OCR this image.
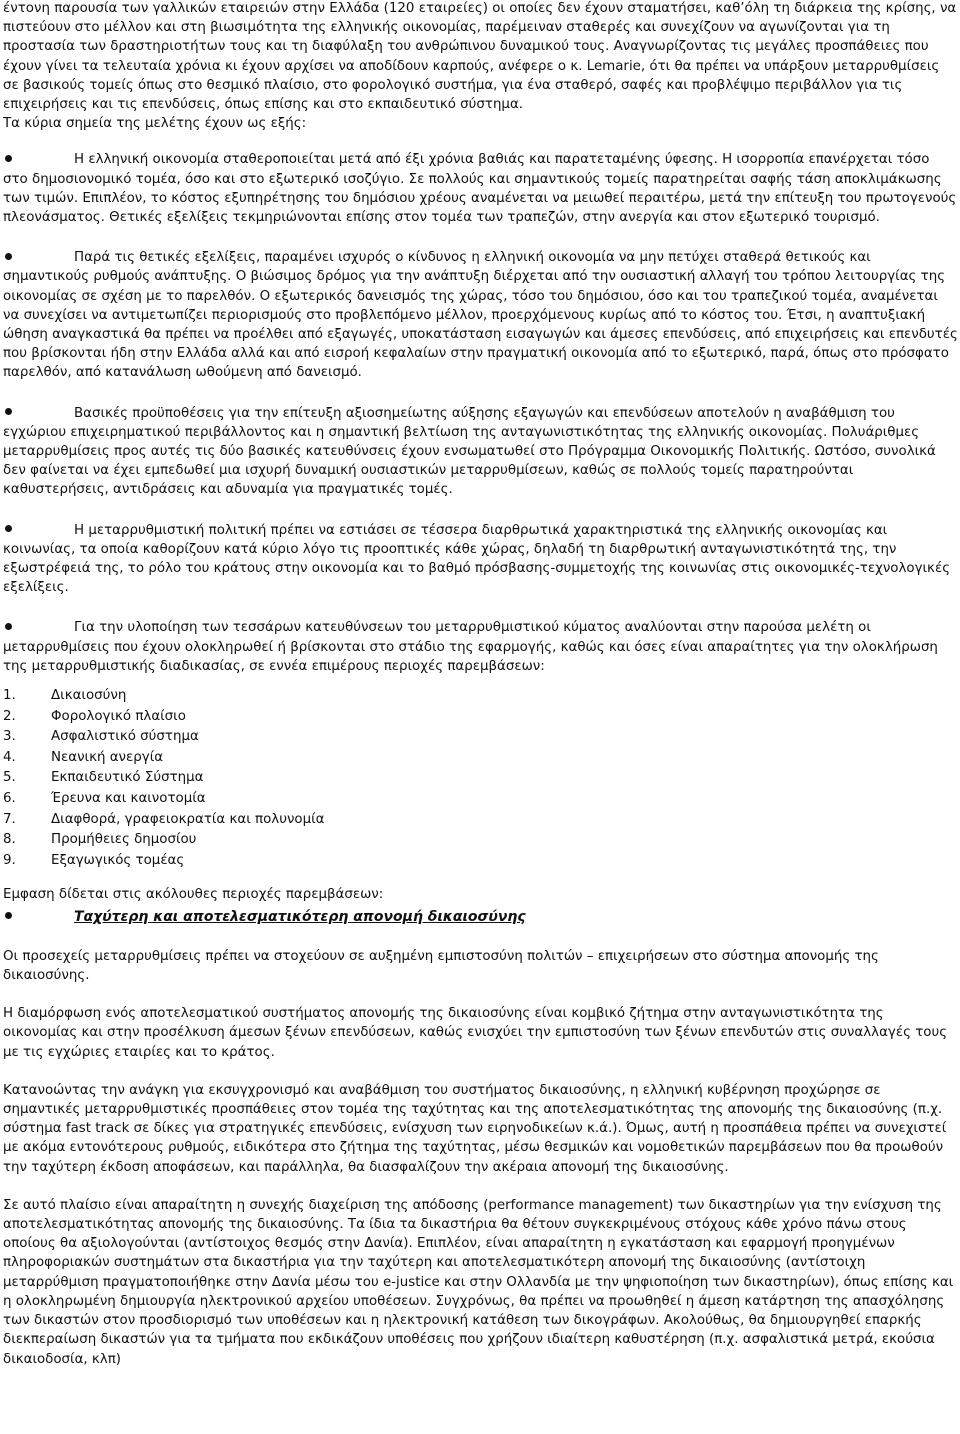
έντονη παρουσία των γαλλικών εταιρειών στην Ελλάδα (120 εταιρείες) οι οποίες δεν έχουν σταματήσει, καθ’όλη τη διάρκεια της κρίσης, να πιστεύουν στο μέλλον και στη βιωσιμότητα της ελληνικής οικονομίας, παρέμειναν σταθερές και συνεχίζουν να αγωνίζονται για τη προστασία των δραστηριοτήτων τους και τη διαφύλαξη του ανθρώπινου δυναμικού τους. Αναγνωρίζοντας τις μεγάλες προσπάθειες που έχουν γίνει τα τελευταία χρόνια κι έχουν αρχίσει να αποδίδουν καρπούς, ανέφερε ο κ. Lemarie, ότι θα πρέπει να υπάρξουν μεταρρυθμίσεις σε βασικούς τομείς όπως στο θεσμικό πλαίσιο, στο φορολογικό συστήμα, για ένα σταθερό, σαφές και προβλέψιμο περιβάλλον για τις επιχειρήσεις και τις επενδύσεις, όπως επίσης και στο εκπαιδευτικό σύστημα.

Τα κύρια σημεία της μελέτης έχουν ως εξής:

Η ελληνική οικονομία σταθεροποιείται μετά από έξι χρόνια βαθιάς και παρατεταμένης ύφεσης. Η ισορροπία επανέρχεται τόσο στο δημοσιονομικό τομέα, όσο και στο εξωτερικό ισοζύγιο. Σε πολλούς και σημαντικούς τομείς παρατηρείται σαφής τάση αποκλιμάκωσης των τιμών. Επιπλέον, το κόστος εξυπηρέτησης του δημόσιου χρέους αναμένεται να μειωθεί περαιτέρω, μετά την επίτευξη του πρωτογενούς πλεονάσματος. Θετικές εξελίξεις τεκμηριώνονται επίσης στον τομέα των τραπεζών, στην ανεργία και στον εξωτερικό τουρισμό.

Παρά τις θετικές εξελίξεις, παραμένει ισχυρός ο κίνδυνος η ελληνική οικονομία να μην πετύχει σταθερά θετικούς και σημαντικούς ρυθμούς ανάπτυξης. Ο βιώσιμος δρόμος για την ανάπτυξη διέρχεται από την ουσιαστική αλλαγή του τρόπου λειτουργίας της οικονομίας σε σχέση με το παρελθόν. Ο εξωτερικός δανεισμός της χώρας, τόσο του δημόσιου, όσο και του τραπεζικού τομέα, αναμένεται να συνεχίσει να αντιμετωπίζει περιορισμούς στο προβλεπόμενο μέλλον, προερχόμενους κυρίως από το κόστος του. Έτσι, η αναπτυξιακή ώθηση αναγκαστικά θα πρέπει να προέλθει από εξαγωγές, υποκατάσταση εισαγωγών και άμεσες επενδύσεις, από επιχειρήσεις και επενδυτές που βρίσκονται ήδη στην Ελλάδα αλλά και από εισροή κεφαλαίων στην πραγματική οικονομία από το εξωτερικό, παρά, όπως στο πρόσφατο παρελθόν, από κατανάλωση ωθούμενη από δανεισμό.

Βασικές προϋποθέσεις για την επίτευξη αξιοσημείωτης αύξησης εξαγωγών και επενδύσεων αποτελούν η αναβάθμιση του εγχώριου επιχειρηματικού περιβάλλοντος και η σημαντική βελτίωση της ανταγωνιστικότητας της ελληνικής οικονομίας. Πολυάριθμες μεταρρυθμίσεις προς αυτές τις δύο βασικές κατευθύνσεις έχουν ενσωματωθεί στο Πρόγραμμα Οικονομικής Πολιτικής. Ωστόσο, συνολικά δεν φαίνεται να έχει εμπεδωθεί μια ισχυρή δυναμική ουσιαστικών μεταρρυθμίσεων, καθώς σε πολλούς τομείς παρατηρούνται καθυστερήσεις, αντιδράσεις και αδυναμία για πραγματικές τομές.

Η μεταρρυθμιστική πολιτική πρέπει να εστιάσει σε τέσσερα διαρθρωτικά χαρακτηριστικά της ελληνικής οικονομίας και κοινωνίας, τα οποία καθορίζουν κατά κύριο λόγο τις προοπτικές κάθε χώρας, δηλαδή τη διαρθρωτική ανταγωνιστικότητά της, την εξωστρέφειά της, το ρόλο του κράτους στην οικονομία και το βαθμό πρόσβασης-συμμετοχής της κοινωνίας στις οικονομικές-τεχνολογικές εξελίξεις.

Για την υλοποίηση των τεσσάρων κατευθύνσεων του μεταρρυθμιστικού κύματος αναλύονται στην παρούσα μελέτη οι μεταρρυθμίσεις που έχουν ολοκληρωθεί ή βρίσκονται στο στάδιο της εφαρμογής, καθώς και όσες είναι απαραίτητες για την ολοκλήρωση της μεταρρυθμιστικής διαδικασίας, σε εννέα επιμέρους περιοχές παρεμβάσεων:

1.	Δικαιοσύνη
2.	Φορολογικό πλαίσιο
3.	Ασφαλιστικό σύστημα
4.	Νεανική ανεργία
5.	Εκπαιδευτικό Σύστημα
6.	Έρευνα και καινοτομία
7.	Διαφθορά, γραφειοκρατία και πολυνομία
8.	Προμήθειες δημοσίου
9.	Εξαγωγικός τομέας

Εμφαση δίδεται στις ακόλουθες περιοχές παρεμβάσεων:

Ταχύτερη και αποτελεσματικότερη απονομή δικαιοσύνης

Οι προσεχείς μεταρρυθμίσεις πρέπει να στοχεύουν σε αυξημένη εμπιστοσύνη πολιτών – επιχειρήσεων στο σύστημα απονομής της δικαιοσύνης.

Η διαμόρφωση ενός αποτελεσματικού συστήματος απονομής της δικαιοσύνης είναι κομβικό ζήτημα στην ανταγωνιστικότητα της οικονομίας και στην προσέλκυση άμεσων ξένων επενδύσεων, καθώς ενισχύει την εμπιστοσύνη των ξένων επενδυτών στις συναλλαγές τους με τις εγχώριες εταιρίες και το κράτος.

Κατανοώντας την ανάγκη για εκσυγχρονισμό και αναβάθμιση του συστήματος δικαιοσύνης, η ελληνική κυβέρνηση προχώρησε σε σημαντικές μεταρρυθμιστικές προσπάθειες στον τομέα της ταχύτητας και της αποτελεσματικότητας της απονομής της δικαιοσύνης (π.χ. σύστημα fast track σε δίκες για στρατηγικές επενδύσεις, ενίσχυση των ειρηνοδικείων κ.ά.). Όμως, αυτή η προσπάθεια πρέπει να συνεχιστεί με ακόμα εντονότερους ρυθμούς, ειδικότερα στο ζήτημα της ταχύτητας, μέσω θεσμικών και νομοθετικών παρεμβάσεων που θα προωθούν την ταχύτερη έκδοση αποφάσεων, και παράλληλα, θα διασφαλίζουν την ακέραια απονομή της δικαιοσύνης.

Σε αυτό πλαίσιο είναι απαραίτητη η συνεχής διαχείριση της απόδοσης (performance management) των δικαστηρίων για την ενίσχυση της αποτελεσματικότητας απονομής της δικαιοσύνης. Τα ίδια τα δικαστήρια θα θέτουν συγκεκριμένους στόχους κάθε χρόνο πάνω στους οποίους θα αξιολογούνται (αντίστοιχος θεσμός στην Δανία). Επιπλέον, είναι απαραίτητη η εγκατάσταση και εφαρμογή προηγμένων πληροφοριακών συστημάτων στα δικαστήρια για την ταχύτερη και αποτελεσματικότερη απονομή της δικαιοσύνης (αντίστοιχη μεταρρύθμιση πραγματοποιήθηκε στην Δανία μέσω του e-justice και στην Ολλανδία με την ψηφιοποίηση των δικαστηρίων), όπως επίσης και η ολοκληρωμένη δημιουργία ηλεκτρονικού αρχείου υποθέσεων. Συγχρόνως, θα πρέπει να προωθηθεί η άμεση κατάρτηση της απασχόλησης των δικαστών στον προσδιορισμό των υποθέσεων και η ηλεκτρονική κατάθεση των δικογράφων. Ακολούθως, θα δημιουργηθεί επαρκής διεκπεραίωση δικαστών για τα τμήματα που εκδικάζουν υποθέσεις που χρήζουν ιδιαίτερη καθυστέρηση (π.χ. ασφαλιστικά μετρά, εκούσια δικαιοδοσία, κλπ)
